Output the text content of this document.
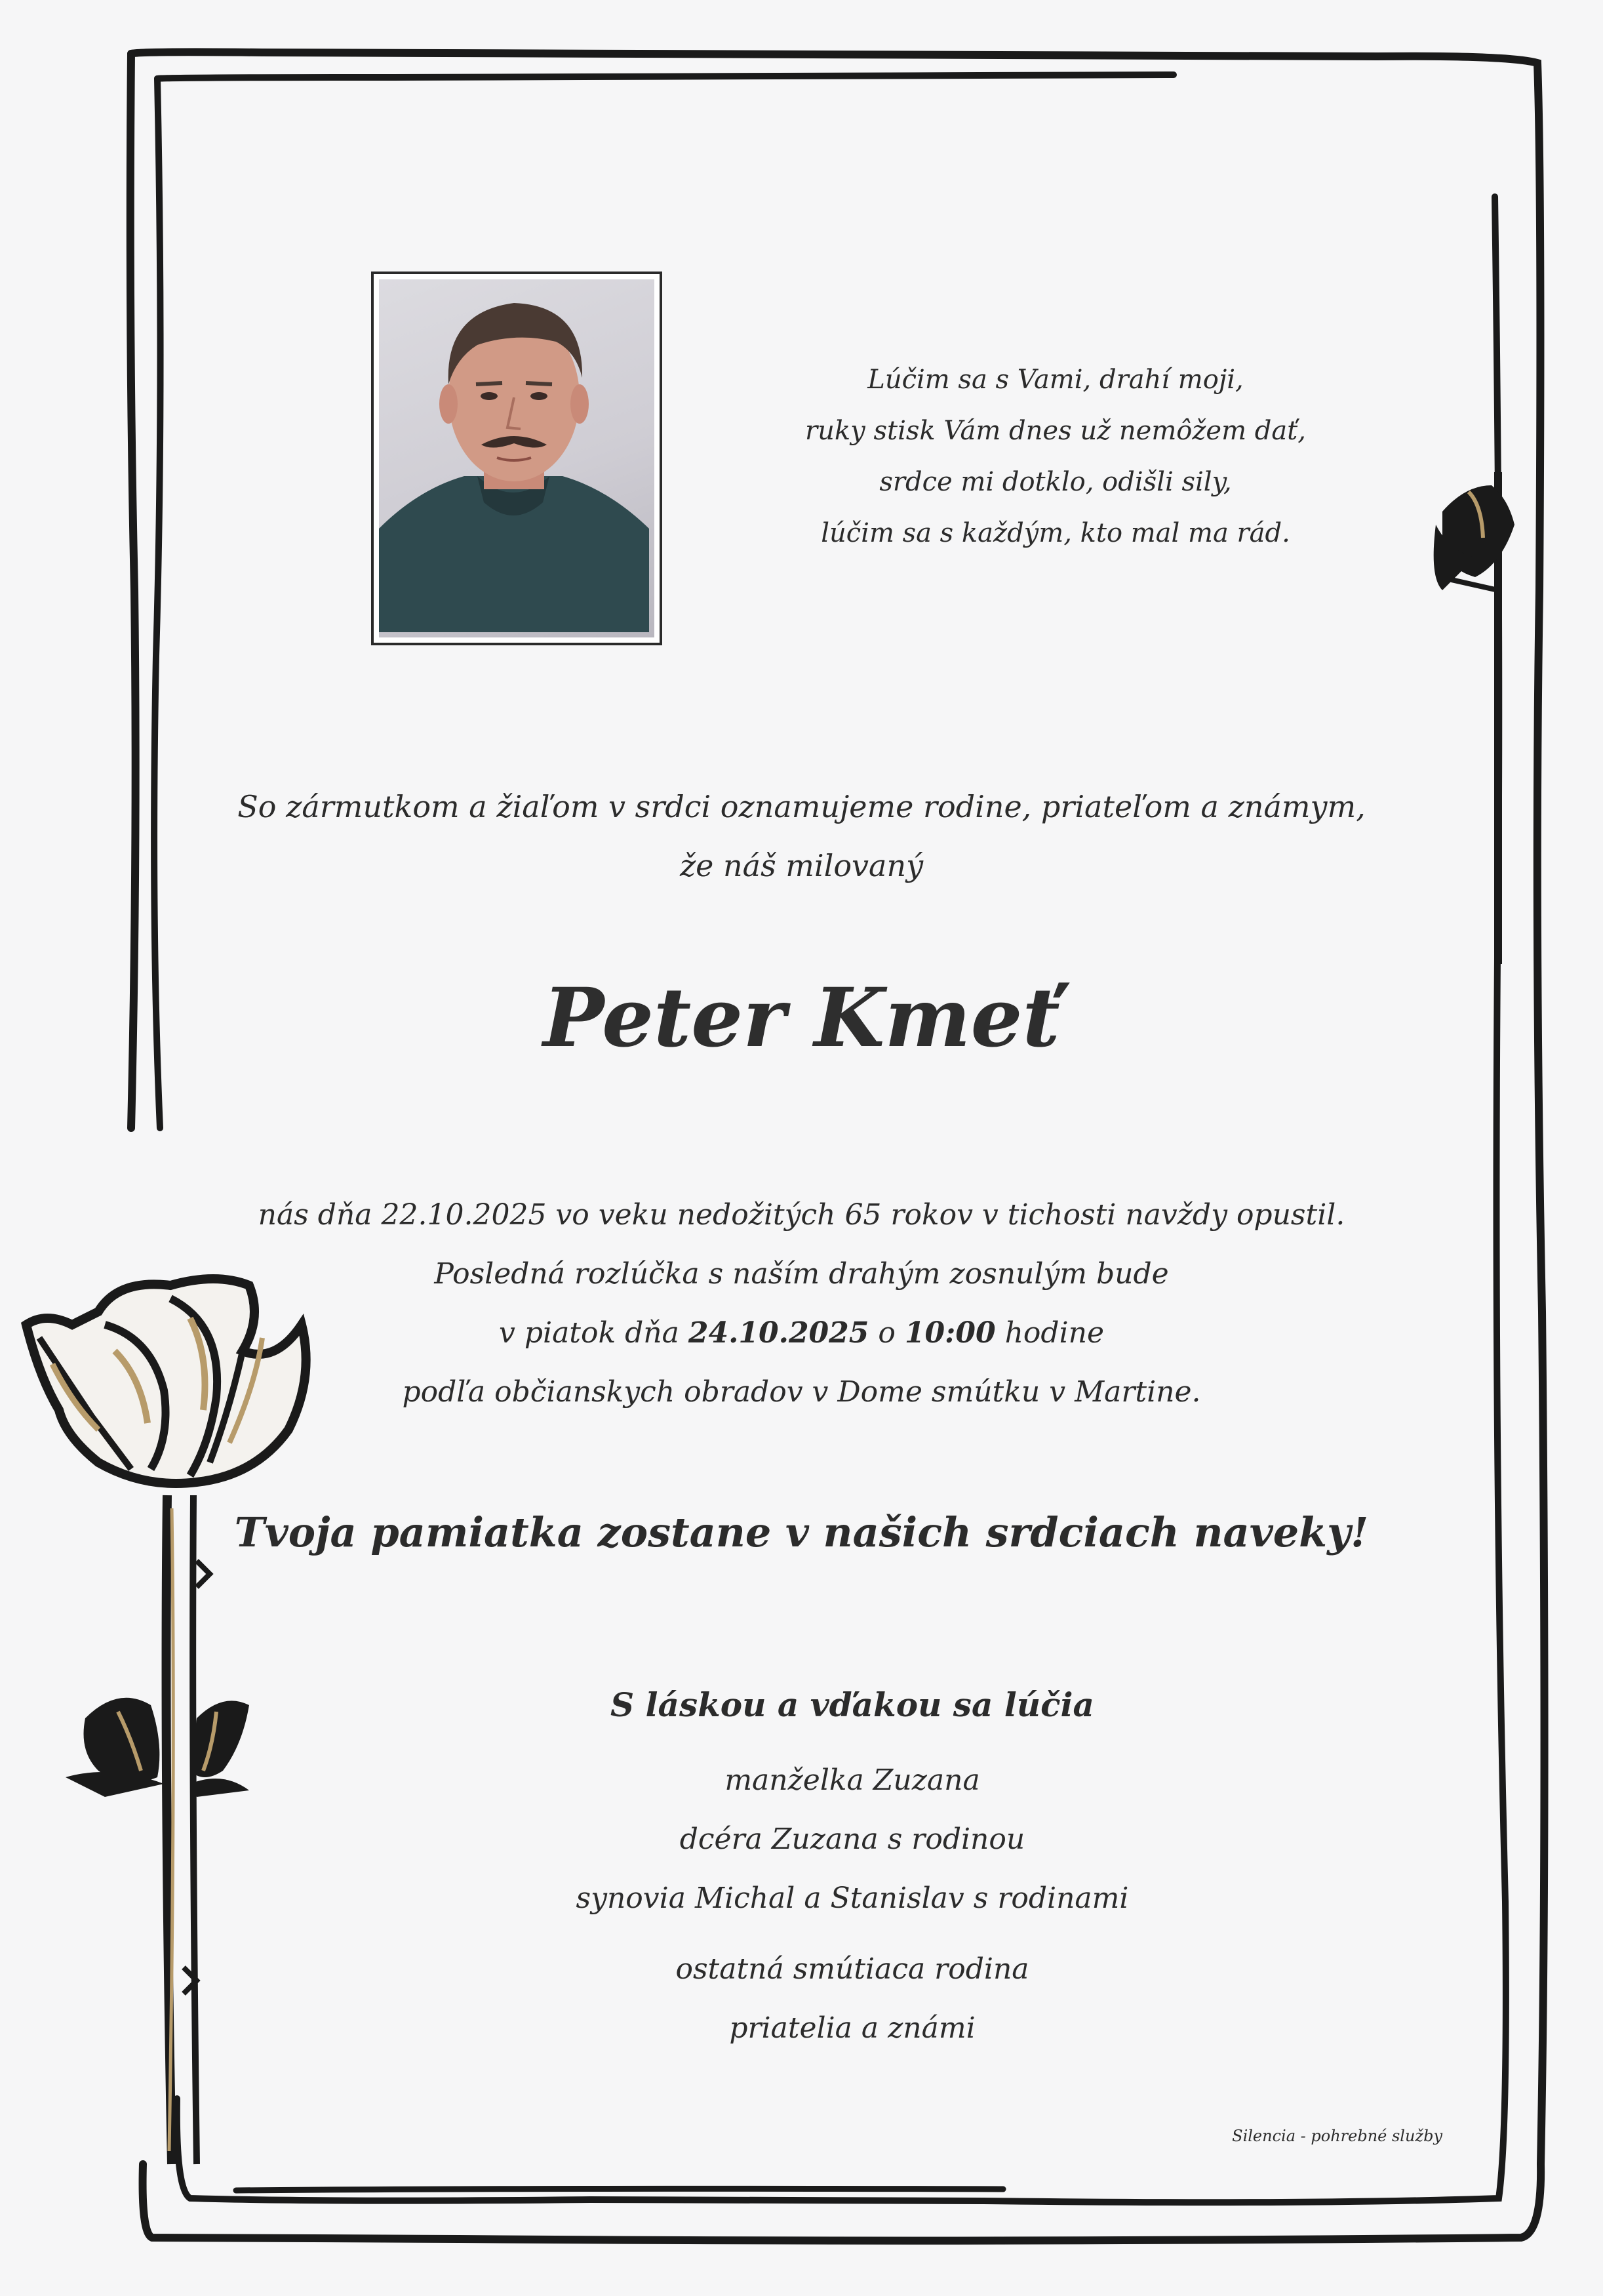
Lúčim sa s Vami, drahí moji,
ruky stisk Vám dnes už nemôžem dať,
srdce mi dotklo, odišli sily,
lúčim sa s každým, kto mal ma rád.
So zármutkom a žiaľom v srdci oznamujeme rodine, priateľom a známym,
že náš milovaný
Peter Kmeť
nás dňa 22.10.2025 vo veku nedožitých 65 rokov v tichosti navždy opustil.
Posledná rozlúčka s naším drahým zosnulým bude
v piatok dňa 24.10.2025 o 10:00 hodine
podľa občianskych obradov v Dome smútku v Martine.
Tvoja pamiatka zostane v našich srdciach naveky!
S láskou a vďakou sa lúčia
manželka Zuzana
dcéra Zuzana s rodinou
synovia Michal a Stanislav s rodinami
ostatná smútiaca rodina
priatelia a známi
Silencia - pohrebné služby
